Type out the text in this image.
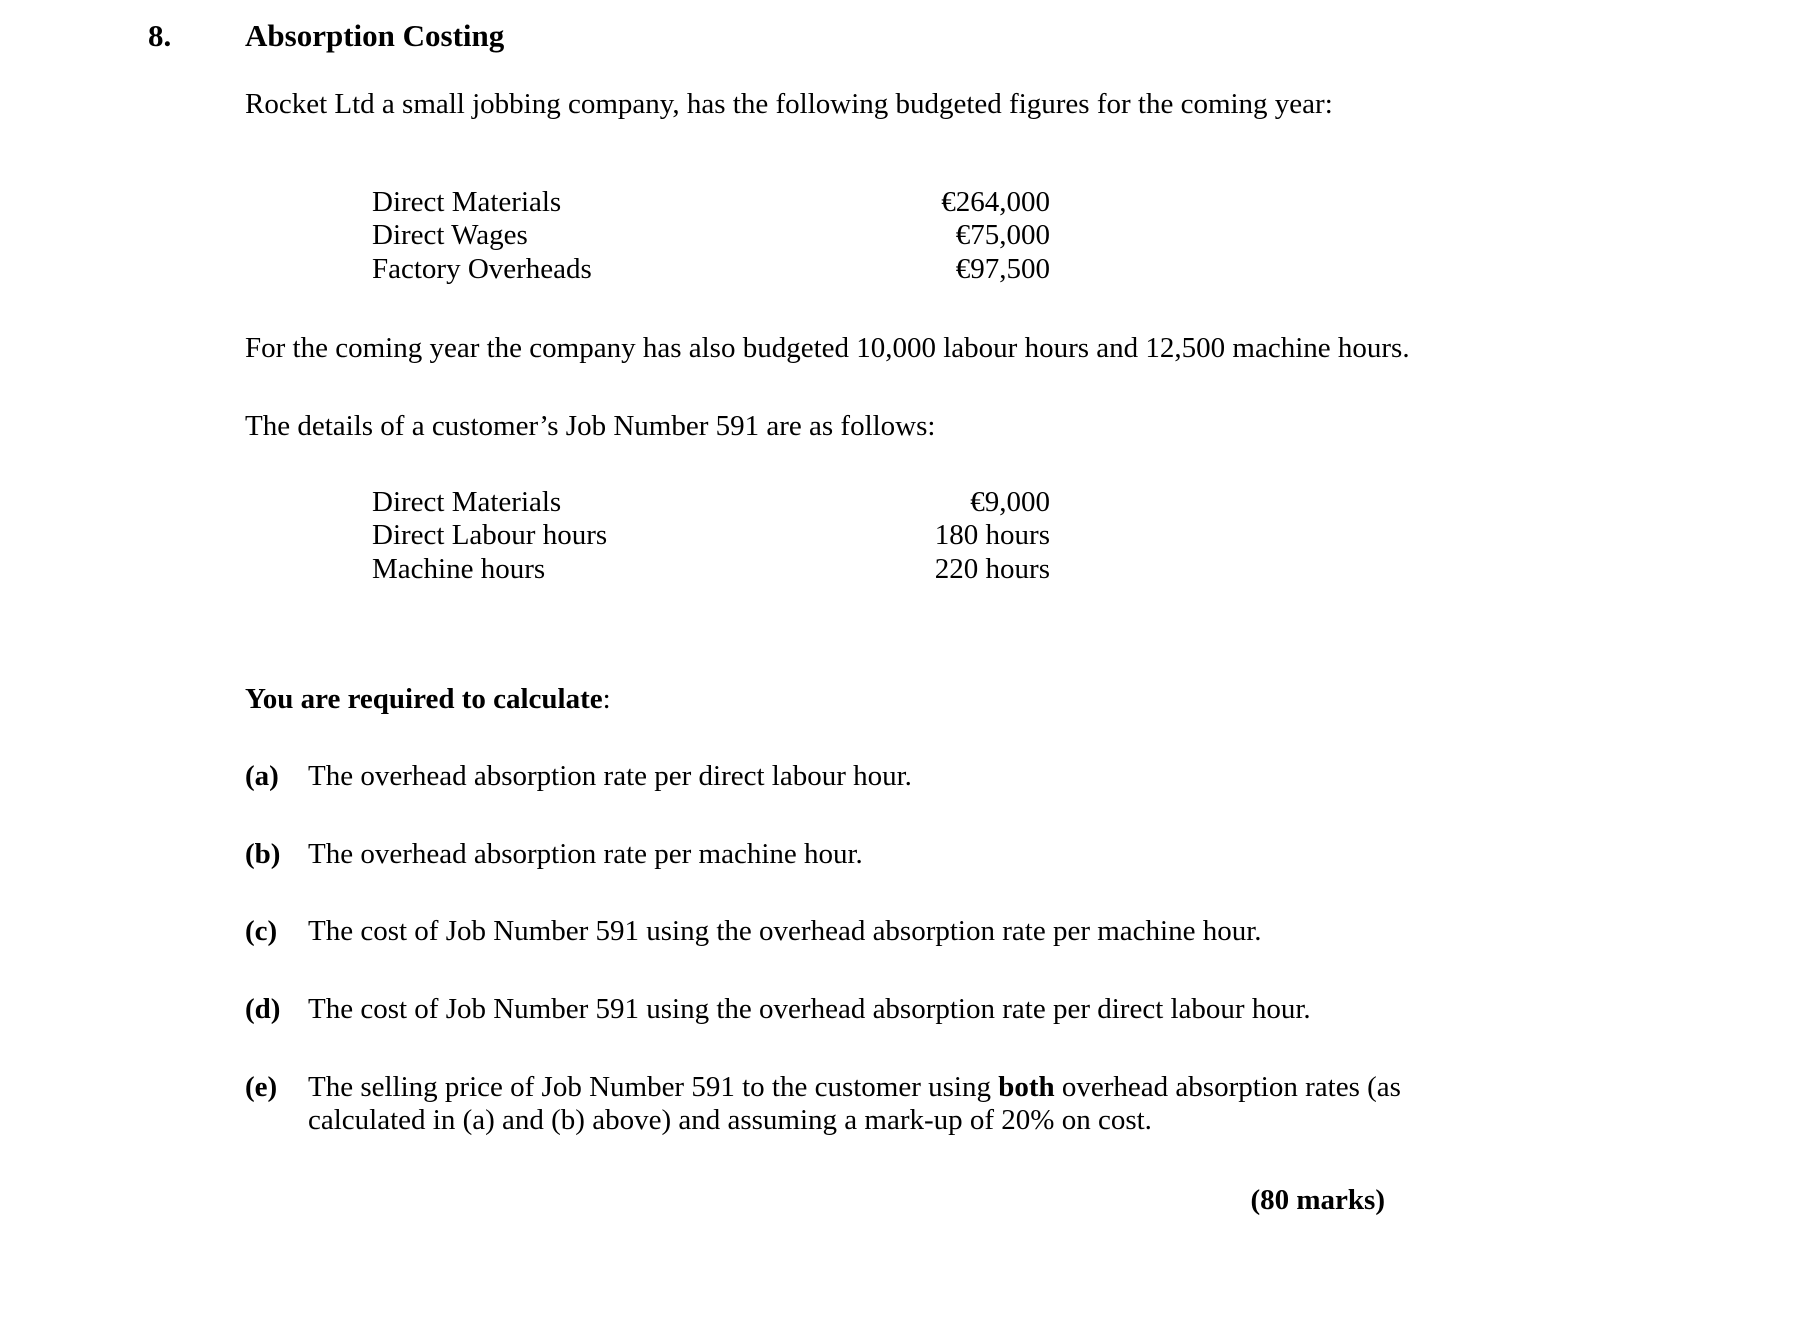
8.	Absorption Costing

Rocket Ltd a small jobbing company, has the following budgeted figures for the coming year:

Direct Materials	€264,000
Direct Wages	€75,000
Factory Overheads	€97,500

For the coming year the company has also budgeted 10,000 labour hours and 12,500 machine hours.

The details of a customer’s Job Number 591 are as follows:

Direct Materials	€9,000
Direct Labour hours	180 hours
Machine hours	220 hours

You are required to calculate:

(a)	The overhead absorption rate per direct labour hour.
(b) The overhead absorption rate per machine hour.
(c)	The cost of Job Number 591 using the overhead absorption rate per machine hour.
(d) The cost of Job Number 591 using the overhead absorption rate per direct labour hour.
(e)	The selling price of Job Number 591 to the customer using both overhead absorption rates (as calculated in (a) and (b) above) and assuming a mark-up of 20% on cost.

(80 marks)
